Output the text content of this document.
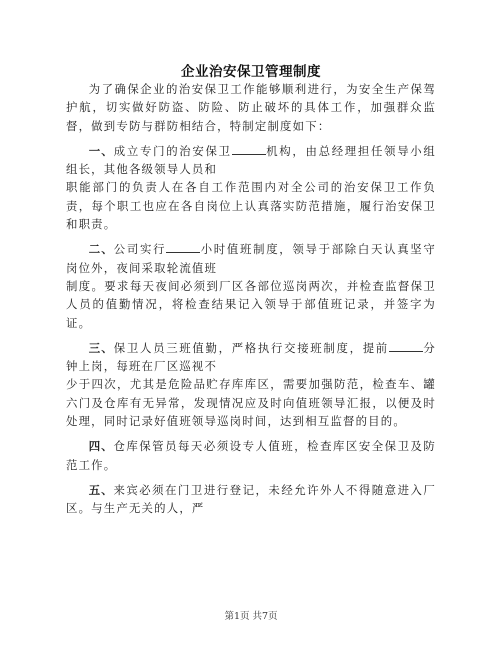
企业治安保卫管理制度

为了确保企业的治安保卫工作能够顺利进行，为安全生产保驾护航，切实做好防盗、防险、防止破坏的具体工作，加强群众监督，做到专防与群防相结合，特制定制度如下：

一、成立专门的治安保卫	机构，由总经理担任领导小组组长，其他各级领导人员和

职能部门的负责人在各自工作范围内对全公司的治安保卫工作负责，每个职工也应在各自岗位上认真落实防范措施，履行治安保卫和职责。

二、公司实行	小时值班制度，领导于部除白天认真坚守岗位外，夜间采取轮流值班

制度。要求每天夜间必须到厂区各部位巡岗两次，并检查监督保卫人员的值勤情况，将检查结果记入领导于部值班记录，并签字为证。

三、保卫人员三班值勤，严格执行交接班制度，提前	分钟上岗，每班在厂区巡视不

少于四次，尤其是危险品贮存库库区，需要加强防范，检查车、罐六门及仓库有无异常，发现情况应及时向值班领导汇报，以便及时处理，同时记录好值班领导巡岗时间，达到相互监督的目的。

四、仓库保管员每天必须设专人值班，检查库区安全保卫及防范工作。

五、来宾必须在门卫进行登记，未经允许外人不得随意进入厂区。与生产无关的人，严

第1页 共7页
